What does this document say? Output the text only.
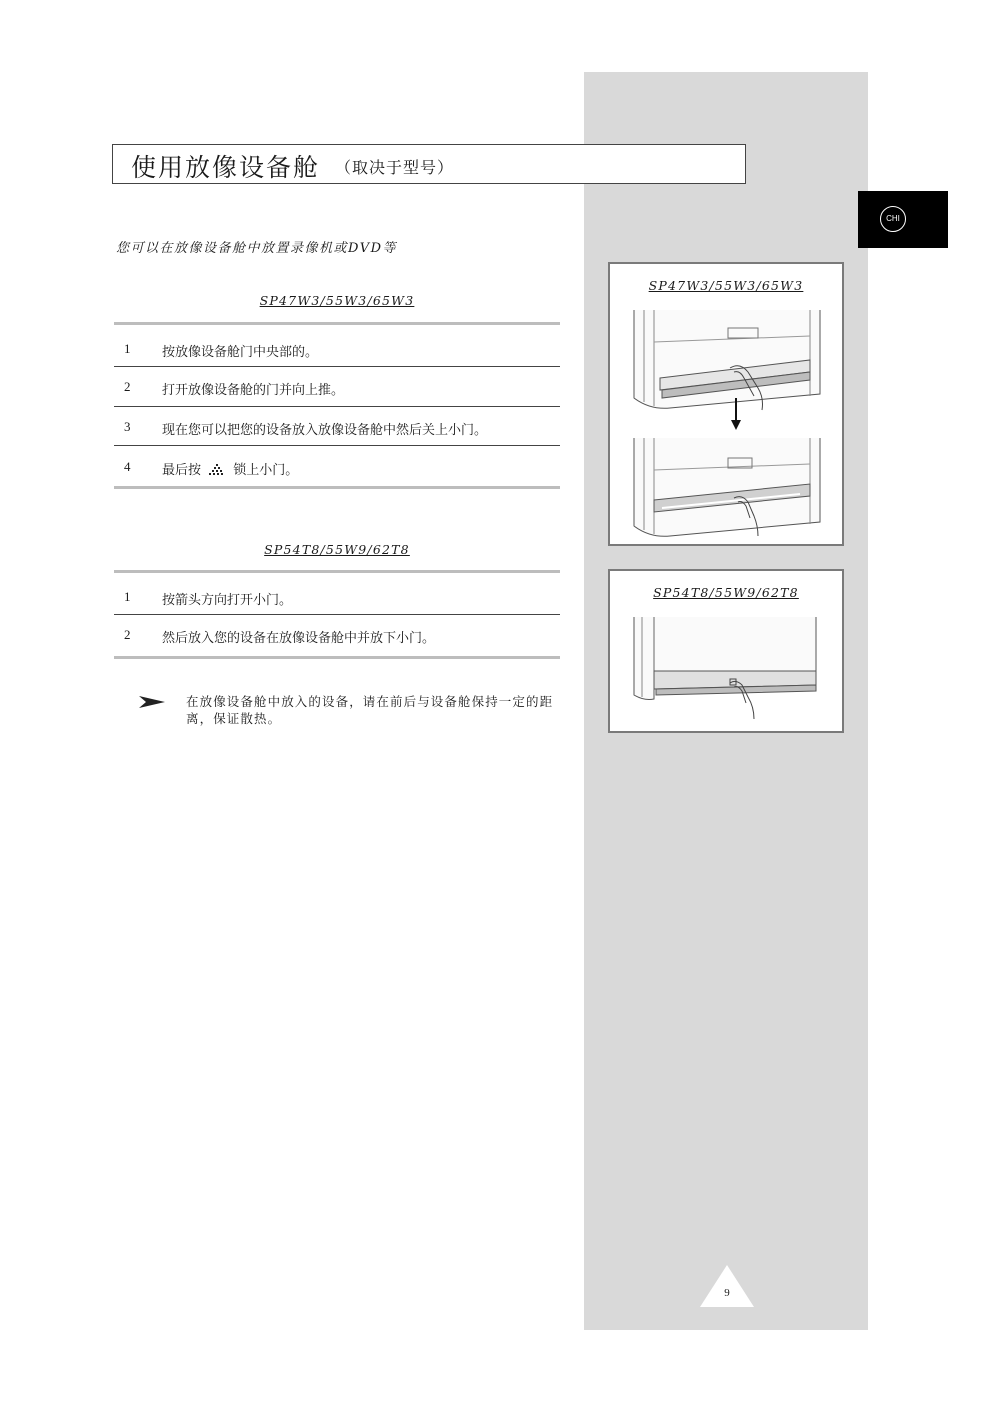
CHI
使用放像设备舱 （取决于型号）
您可以在放像设备舱中放置录像机或DVD等
SP47W3/55W3/65W3
1 按放像设备舱门中央部的。
2 打开放像设备舱的门并向上推。
3 现在您可以把您的设备放入放像设备舱中然后关上小门。
4 最后按 锁上小门。
SP54T8/55W9/62T8
1 按箭头方向打开小门。
2 然后放入您的设备在放像设备舱中并放下小门。
在放像设备舱中放入的设备，请在前后与设备舱保持一定的距离，保证散热。
SP47W3/55W3/65W3
SP54T8/55W9/62T8
9
